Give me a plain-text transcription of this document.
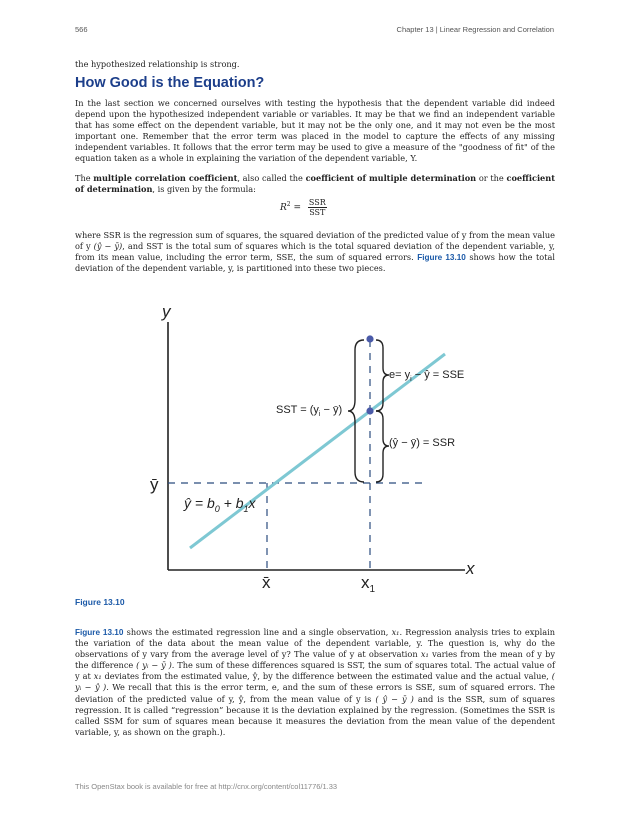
566	Chapter 13 | Linear Regression and Correlation
the hypothesized relationship is strong.
How Good is the Equation?
In the last section we concerned ourselves with testing the hypothesis that the dependent variable did indeed depend upon the hypothesized independent variable or variables. It may be that we find an independent variable that has some effect on the dependent variable, but it may not be the only one, and it may not even be the most important one. Remember that the error term was placed in the model to capture the effects of any missing independent variables. It follows that the error term may be used to give a measure of the "goodness of fit" of the equation taken as a whole in explaining the variation of the dependent variable, Y.
The multiple correlation coefficient, also called the coefficient of multiple determination or the coefficient of determination, is given by the formula:
$R^2 = \frac{\text{SSR}}{\text{SST}}$
where SSR is the regression sum of squares, the squared deviation of the predicted value of y from the mean value of y (ŷ − ȳ), and SST is the total sum of squares which is the total squared deviation of the dependent variable, y, from its mean value, including the error term, SSE, the sum of squared errors. Figure 13.10 shows how the total deviation of the dependent variable, y, is partitioned into these two pieces.
y
x
ȳ
x̄	$x_1$
$e= y_i$ − ŷ = SSE
SST = ($y_i$ − ȳ)
(ŷ − ȳ) = SSR
ŷ = $b_0 + b_1x$
Figure 13.10
Figure 13.10 shows the estimated regression line and a single observation, x₁. Regression analysis tries to explain the variation of the data about the mean value of the dependent variable, y. The question is, why do the observations of y vary from the average level of y? The value of y at observation x₁ varies from the mean of y by the difference ( yᵢ − ȳ ). The sum of these differences squared is SST, the sum of squares total. The actual value of y at x₁ deviates from the estimated value, ŷ, by the difference between the estimated value and the actual value, ( yᵢ − ŷ ). We recall that this is the error term, e, and the sum of these errors is SSE, sum of squared errors. The deviation of the predicted value of y, ŷ, from the mean value of y is ( ŷ − ȳ ) and is the SSR, sum of squares regression. It is called “regression” because it is the deviation explained by the regression. (Sometimes the SSR is called SSM for sum of squares mean because it measures the deviation from the mean value of the dependent variable, y, as shown on the graph.).
This OpenStax book is available for free at http://cnx.org/content/col11776/1.33
